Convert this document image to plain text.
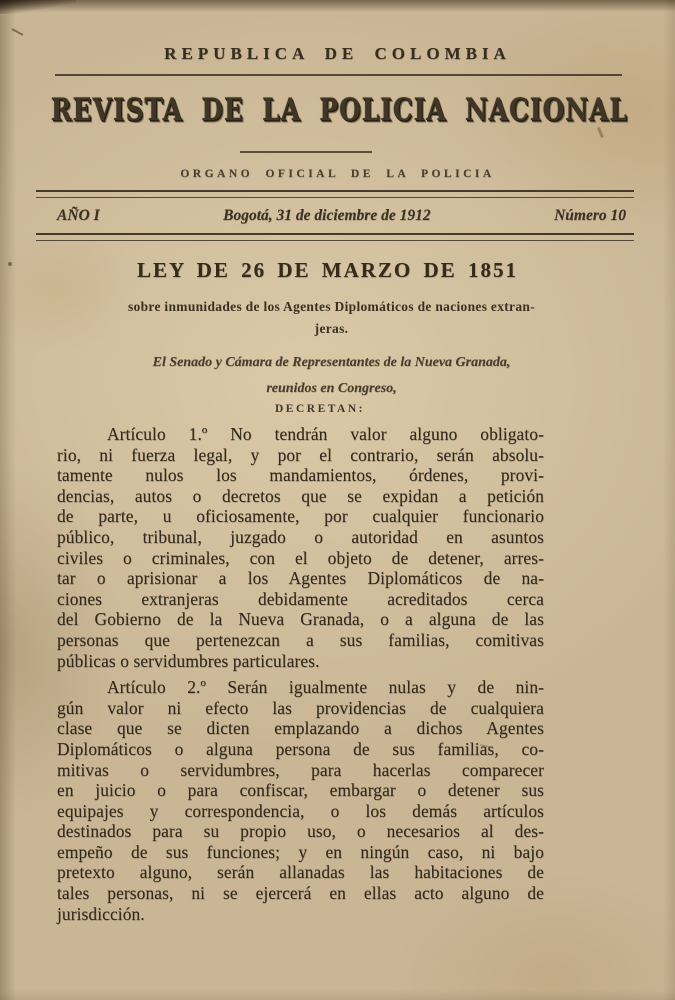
REPUBLICA DE COLOMBIA
REVISTA DE LA POLICIA NACIONAL
ORGANO OFICIAL DE LA POLICIA
AÑO I	Bogotá, 31 de diciembre de 1912	Número 10
LEY DE 26 DE MARZO DE 1851
sobre inmunidades de los Agentes Diplomáticos de naciones extran-
jeras.
El Senado y Cámara de Representantes de la Nueva Granada,
reunidos en Congreso,
DECRETAN:

Artículo 1.º No tendrán valor alguno obligato-
rio, ni fuerza legal, y por el contrario, serán absolu-
tamente nulos los mandamientos, órdenes, provi-
dencias, autos o decretos que se expidan a petición
de parte, u oficiosamente, por cualquier funcionario
público, tribunal, juzgado o autoridad en asuntos
civiles o criminales, con el objeto de detener, arres-
tar o aprisionar a los Agentes Diplomáticos de na-
ciones extranjeras debidamente acreditados cerca
del Gobierno de la Nueva Granada, o a alguna de las
personas que pertenezcan a sus familias, comitivas
públicas o servidumbres particulares.

Artículo 2.º Serán igualmente nulas y de nin-
gún valor ni efecto las providencias de cualquiera
clase que se dicten emplazando a dichos Agentes
Diplomáticos o alguna persona de sus familias, co-
mitivas o servidumbres, para hacerlas comparecer
en juicio o para confiscar, embargar o detener sus
equipajes y correspondencia, o los demás artículos
destinados para su propio uso, o necesarios al des-
empeño de sus funciones; y en ningún caso, ni bajo
pretexto alguno, serán allanadas las habitaciones de
tales personas, ni se ejercerá en ellas acto alguno de
jurisdicción.
